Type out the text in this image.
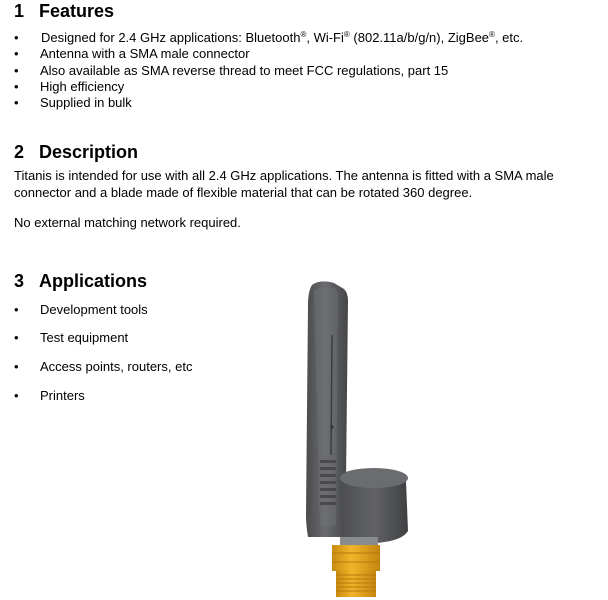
1 Features
• Designed for 2.4 GHz applications: Bluetooth®, Wi-Fi® (802.11a/b/g/n), ZigBee®, etc.
• Antenna with a SMA male connector
• Also available as SMA reverse thread to meet FCC regulations, part 15
• High efficiency
• Supplied in bulk
2 Description
Titanis is intended for use with all 2.4 GHz applications. The antenna is fitted with a SMA male connector and a blade made of flexible material that can be rotated 360 degree.
No external matching network required.
3 Applications
• Development tools
• Test equipment
• Access points, routers, etc
• Printers
